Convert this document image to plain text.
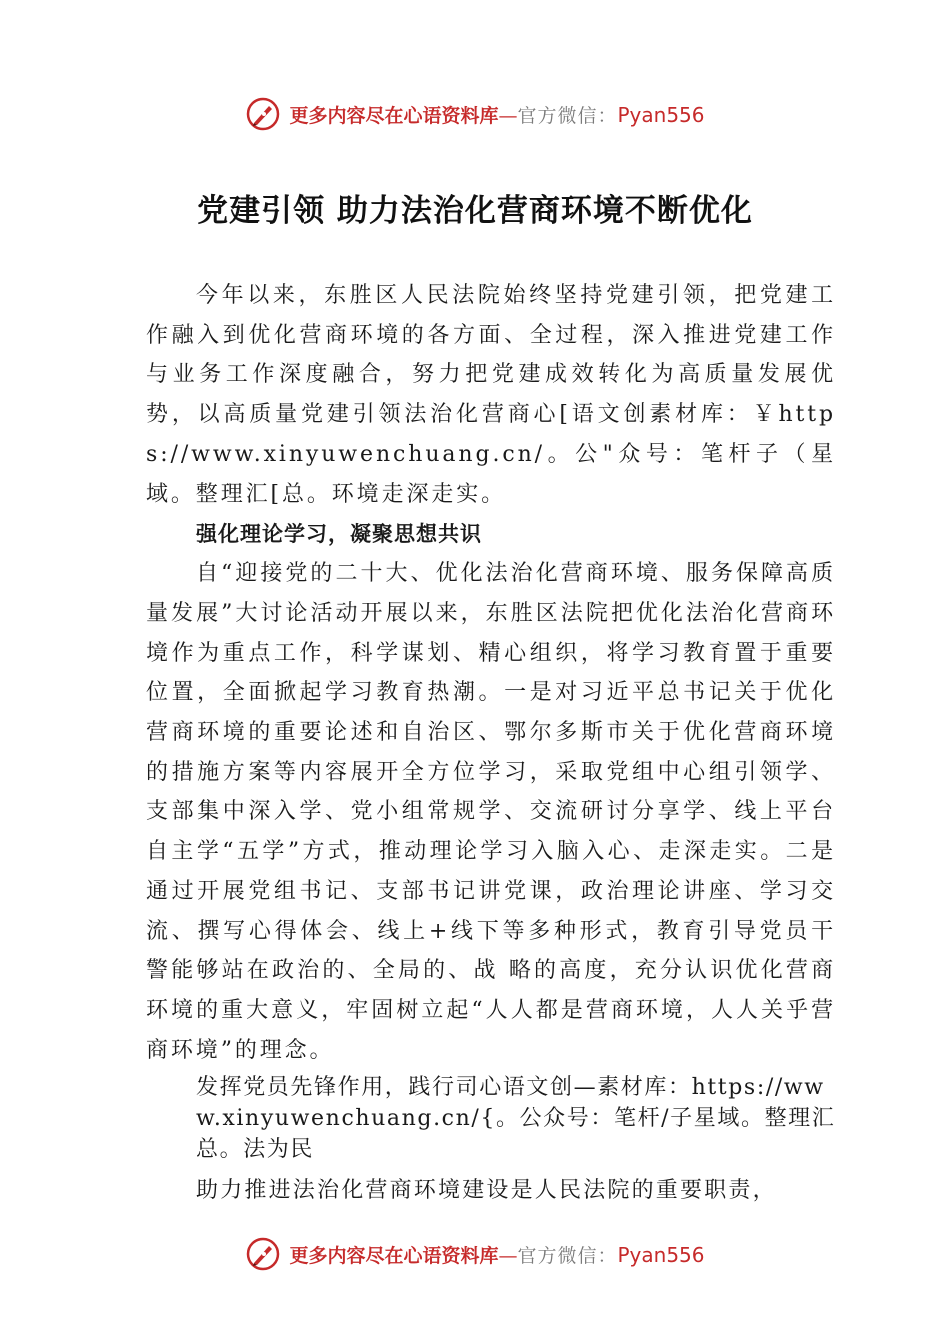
更多内容尽在心语资料库—官方微信：Pyan556
党建引领 助力法治化营商环境不断优化

今年以来，东胜区人民法院始终坚持党建引领，把党建工作融入到优化营商环境的各方面、全过程，深入推进党建工作与业务工作深度融合，努力把党建成效转化为高质量发展优势，以高质量党建引领法治化营商心[语文创素材库：￥https://www.xinyuwenchuang.cn/。公"众号：笔杆子（星域。整理汇[总。环境走深走实。

强化理论学习，凝聚思想共识

自“迎接党的二十大、优化法治化营商环境、服务保障高质量发展”大讨论活动开展以来，东胜区法院把优化法治化营商环境作为重点工作，科学谋划、精心组织，将学习教育置于重要位置，全面掀起学习教育热潮。一是对习近平总书记关于优化营商环境的重要论述和自治区、鄂尔多斯市关于优化营商环境的措施方案等内容展开全方位学习，采取党组中心组引领学、支部集中深入学、党小组常规学、交流研讨分享学、线上平台自主学“五学”方式，推动理论学习入脑入心、走深走实。二是通过开展党组书记、支部书记讲党课，政治理论讲座、学习交流、撰写心得体会、线上+线下等多种形式，教育引导党员干警能够站在政治的、全局的、战 略的高度，充分认识优化营商环境的重大意义，牢固树立起“人人都是营商环境，人人关乎营商环境”的理念。

发挥党员先锋作用，践行司心语文创—素材库：https://www.xinyuwenchuang.cn/{。公众号：笔杆/子星域。整理汇总。法为民

助力推进法治化营商环境建设是人民法院的重要职责，

更多内容尽在心语资料库—官方微信：Pyan556
